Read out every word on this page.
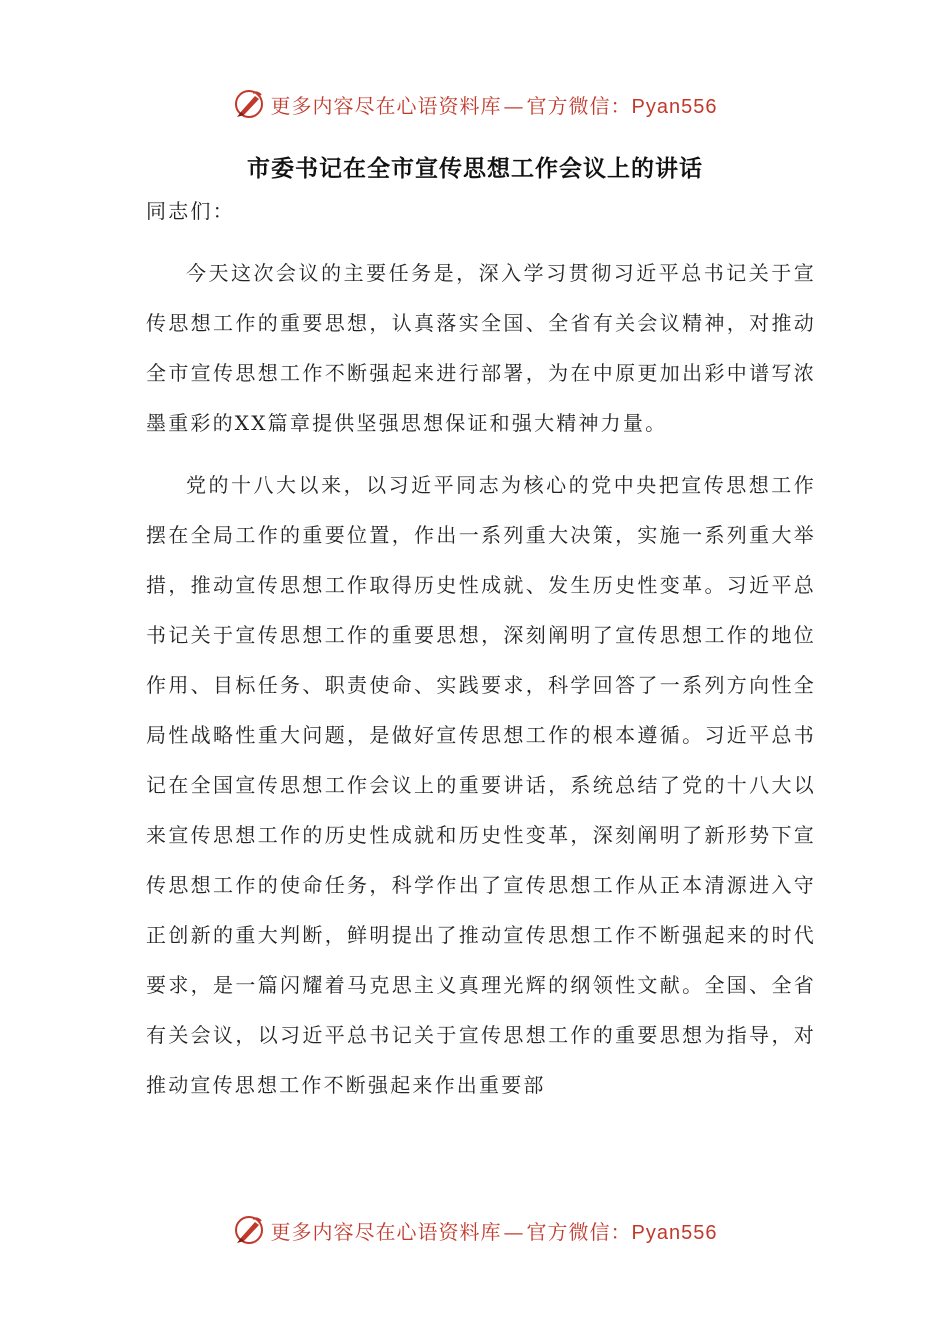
更多内容尽在心语资料库 — 官方微信：Pyan556
市委书记在全市宣传思想工作会议上的讲话

同志们：

今天这次会议的主要任务是，深入学习贯彻习近平总书记关于宣传思想工作的重要思想，认真落实全国、全省有关会议精神，对推动全市宣传思想工作不断强起来进行部署，为在中原更加出彩中谱写浓墨重彩的XX篇章提供坚强思想保证和强大精神力量。

党的十八大以来，以习近平同志为核心的党中央把宣传思想工作摆在全局工作的重要位置，作出一系列重大决策，实施一系列重大举措，推动宣传思想工作取得历史性成就、发生历史性变革。习近平总书记关于宣传思想工作的重要思想，深刻阐明了宣传思想工作的地位作用、目标任务、职责使命、实践要求，科学回答了一系列方向性全局性战略性重大问题，是做好宣传思想工作的根本遵循。习近平总书记在全国宣传思想工作会议上的重要讲话，系统总结了党的十八大以来宣传思想工作的历史性成就和历史性变革，深刻阐明了新形势下宣传思想工作的使命任务，科学作出了宣传思想工作从正本清源进入守正创新的重大判断，鲜明提出了推动宣传思想工作不断强起来的时代要求，是一篇闪耀着马克思主义真理光辉的纲领性文献。全国、全省有关会议，以习近平总书记关于宣传思想工作的重要思想为指导，对推动宣传思想工作不断强起来作出重要部

更多内容尽在心语资料库 — 官方微信：Pyan556
